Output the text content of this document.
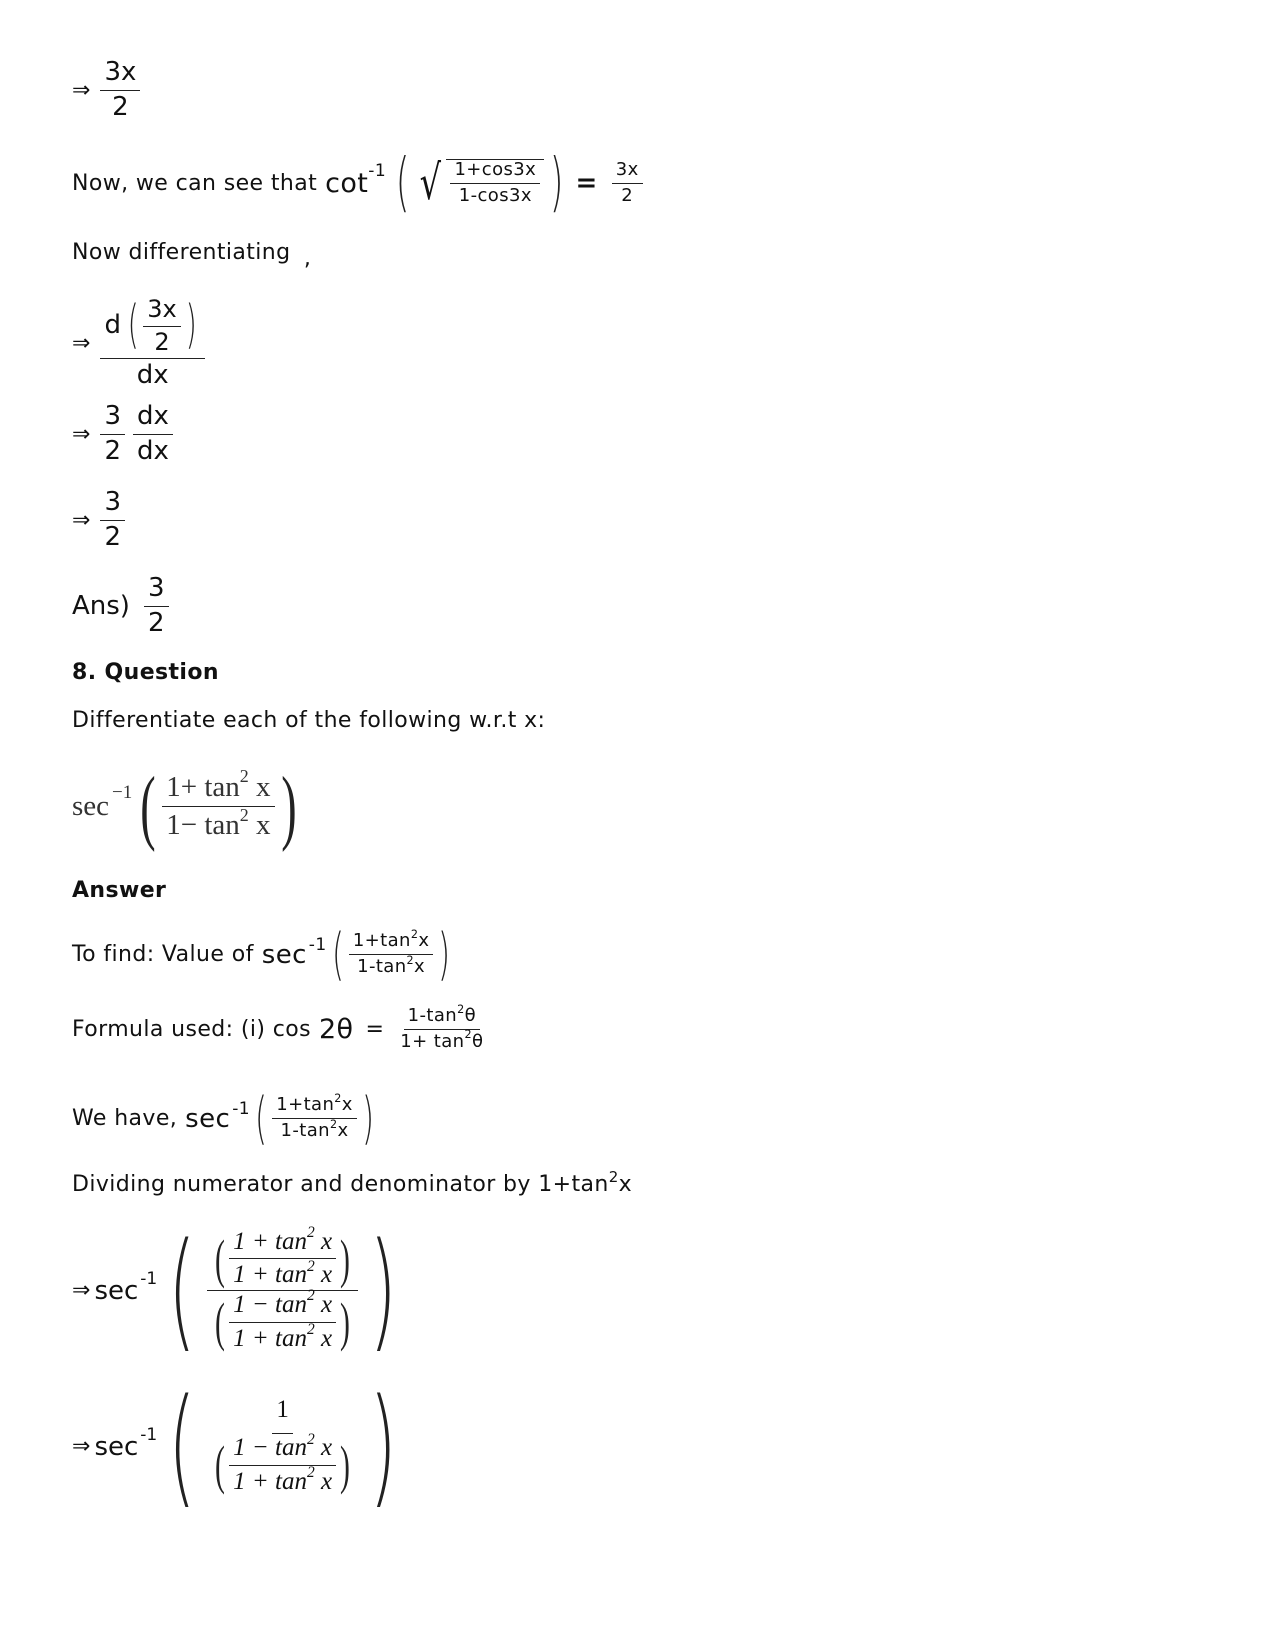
⇒ $\frac{3x}{2}$
Now, we can see that cot -1 ( √ $\frac{1+\cos 3x}{1-\cos 3x}$ ) = $\frac{3x}{2}$
Now differentiating ,
⇒ $\frac{d ( \frac{3x}{2} )}{dx}$
⇒ $\frac{3}{2} \frac{dx}{dx}$
⇒ $\frac{3}{2}$
$Ans) \frac{3}{2}$
8. Question
Differentiate each of the following w.r.t x:
sec −1 ( $\frac{1+ \tan^2 x}{1- \tan^2 x}$ )
Answer
To find: Value of sec -1 ( $\frac{1+\tan^2x}{1-\tan^2x}$ )
Formula used: (i) $\cos 2\theta = \frac{1-\tan^2\theta}{1+ \tan^2\theta}$
We have, sec -1 ( $\frac{1+\tan^2x}{1-\tan^2x}$ )
Dividing numerator and denominator by $1+\tan^2x$
⇒ sec -1 ( ( $\frac{1 + \tan^2 x}{1 + \tan^2 x}$ )
( $\frac{1 - \tan^2 x}{1 + \tan^2 x}$ ) )
⇒ sec -1 (	1
( $\frac{1 - \tan^2 x}{1 + \tan^2 x}$ ) )
